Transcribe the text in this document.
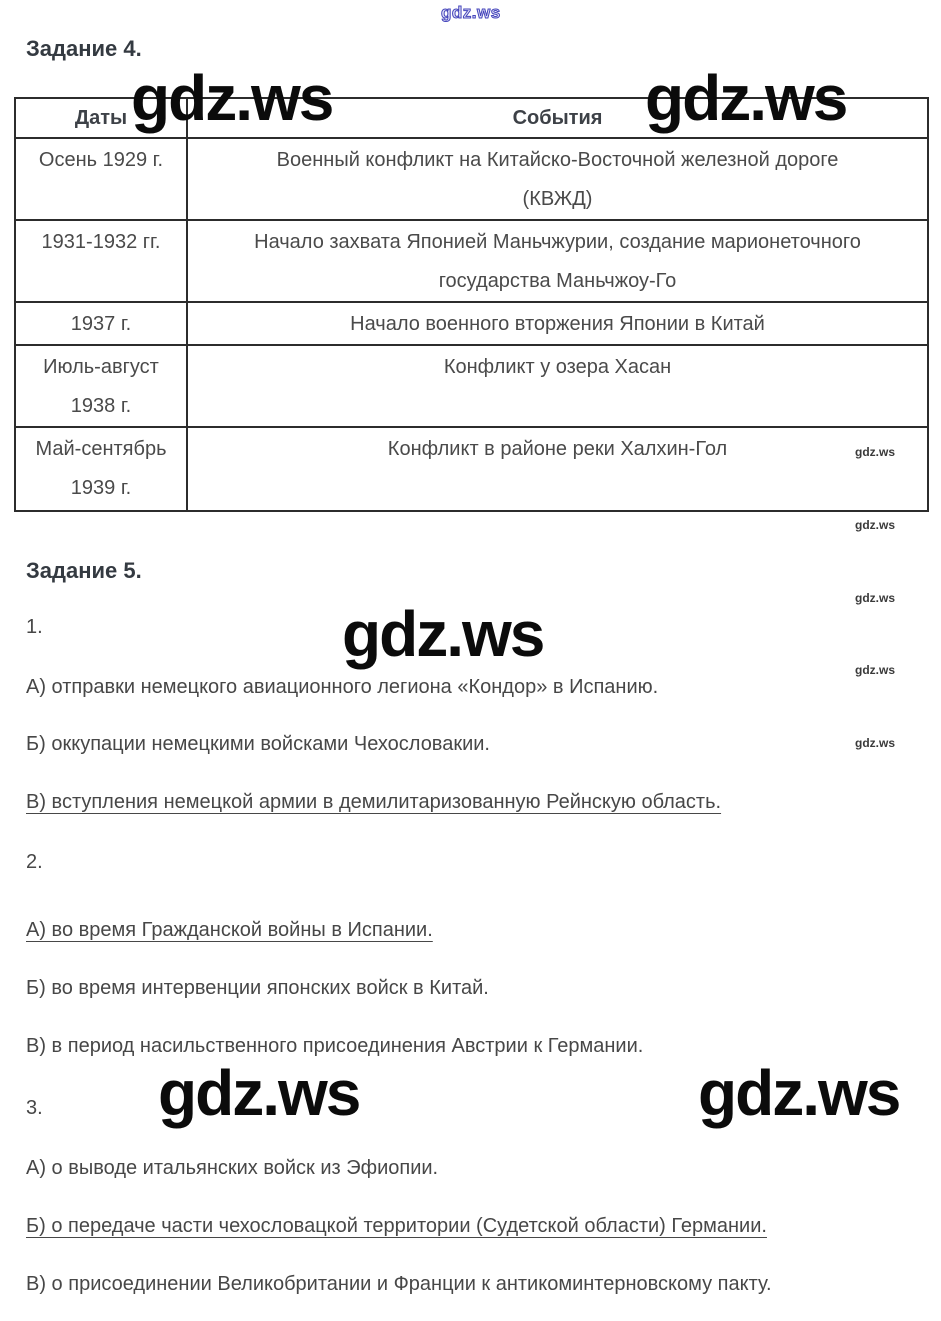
gdz.ws
Задание 4.
Даты	События
Осень 1929 г.	Военный конфликт на Китайско-Восточной железной дороге (КВЖД)

1931-1932 гг.	Начало захвата Японией Маньчжурии, создание марионеточного государства Маньчжоу-Го

1937 г.	Начало военного вторжения Японии в Китай

Июль-август 1938 г.	Конфликт у озера Хасан

Май-сентябрь 1939 г.	Конфликт в районе реки Халхин-Гол
gdz.ws	gdz.ws
gdz.ws
gdz.ws	gdz.ws
gdz.ws
gdz.ws
gdz.ws
gdz.ws
gdz.ws
Задание 5.

1.

А) отправки немецкого авиационного легиона «Кондор» в Испанию.

Б) оккупации немецкими войсками Чехословакии.

В) вступления немецкой армии в демилитаризованную Рейнскую область.

2.

А) во время Гражданской войны в Испании.

Б) во время интервенции японских войск в Китай.

В) в период насильственного присоединения Австрии к Германии.

3.

А) о выводе итальянских войск из Эфиопии.

Б) о передаче части чехословацкой территории (Судетской области) Германии.

В) о присоединении Великобритании и Франции к антикоминтерновскому пакту.
